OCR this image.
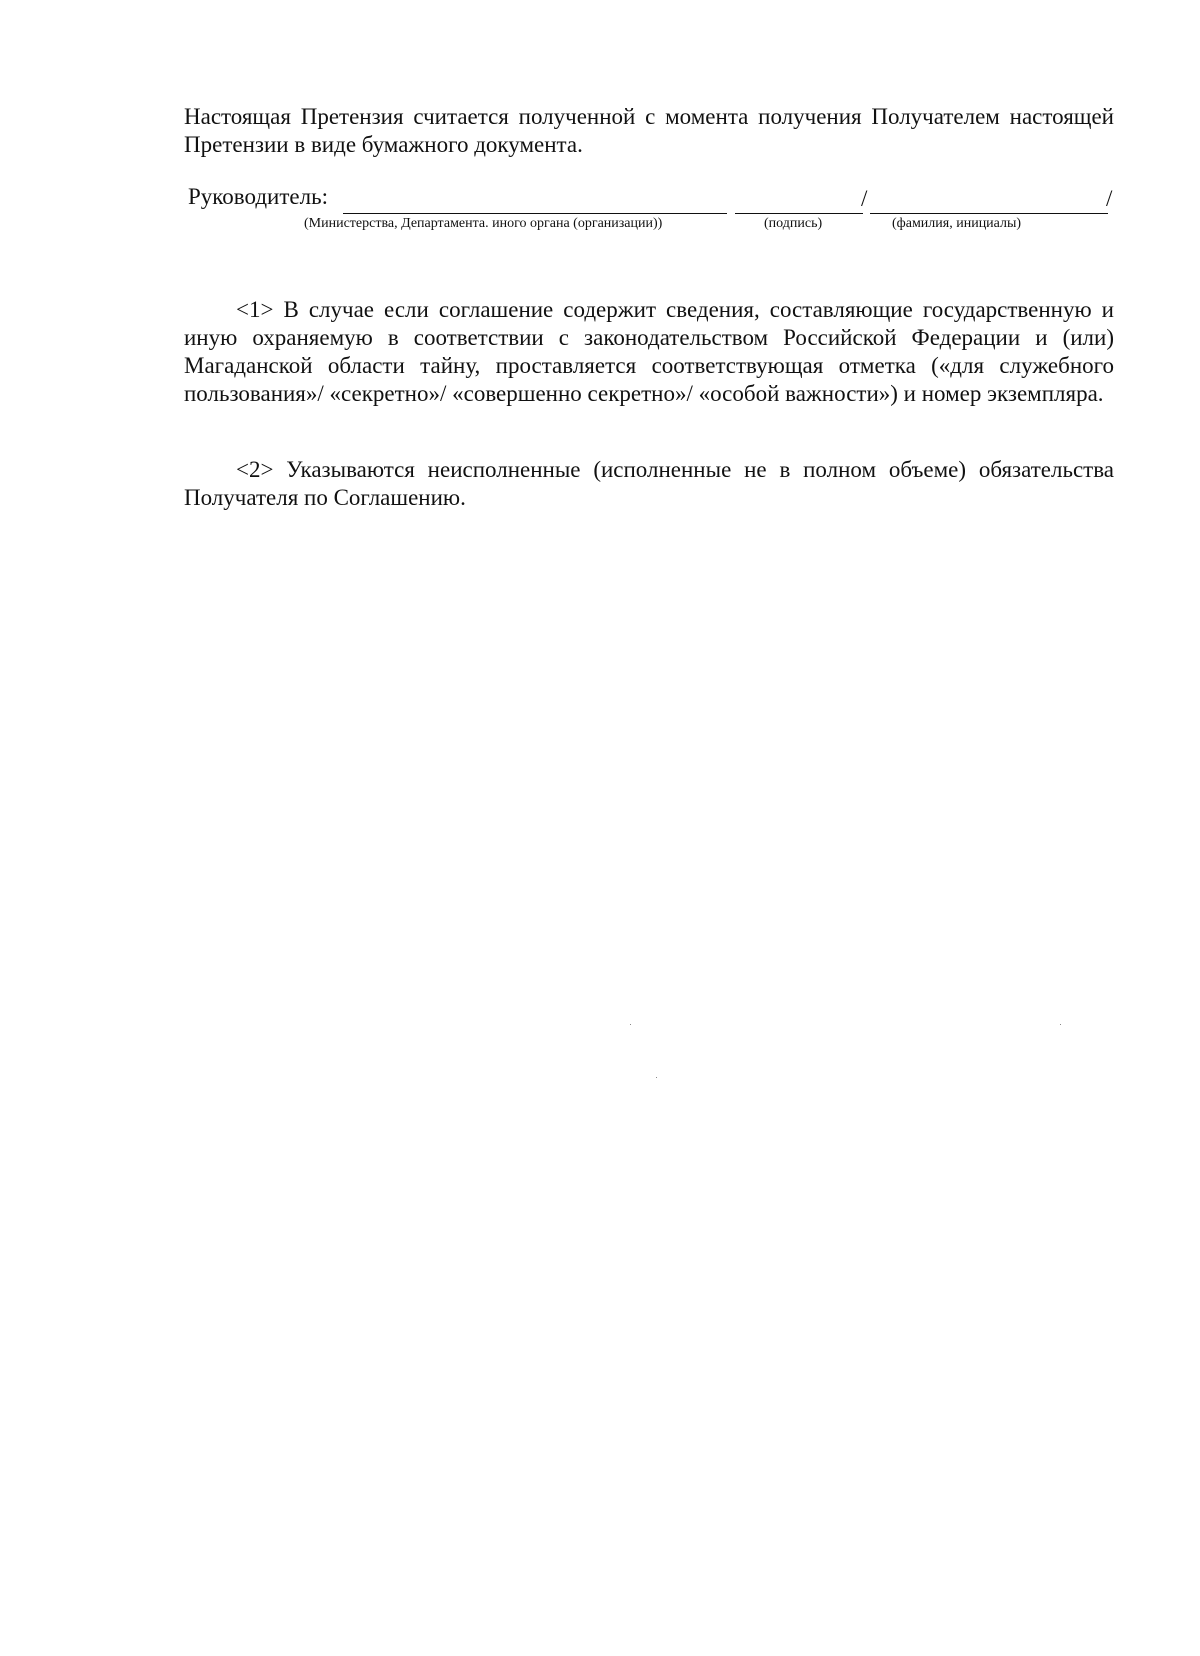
Настоящая Претензия считается полученной с момента получения Получателем настоящей Претензии в виде бумажного документа.

Руководитель:	/	/
(Министерства, Департамента. иного органа (организации))	(подпись)	(фамилия, инициалы)

<1> В случае если соглашение содержит сведения, составляющие государственную и иную охраняемую в соответствии с законодательством Российской Федерации и (или) Магаданской области тайну, проставляется соответствующая отметка («для служебного пользования»/ «секретно»/ «совершенно секретно»/ «особой важности») и номер экземпляра.

<2> Указываются неисполненные (исполненные не в полном объеме) обязательства Получателя по Соглашению.
